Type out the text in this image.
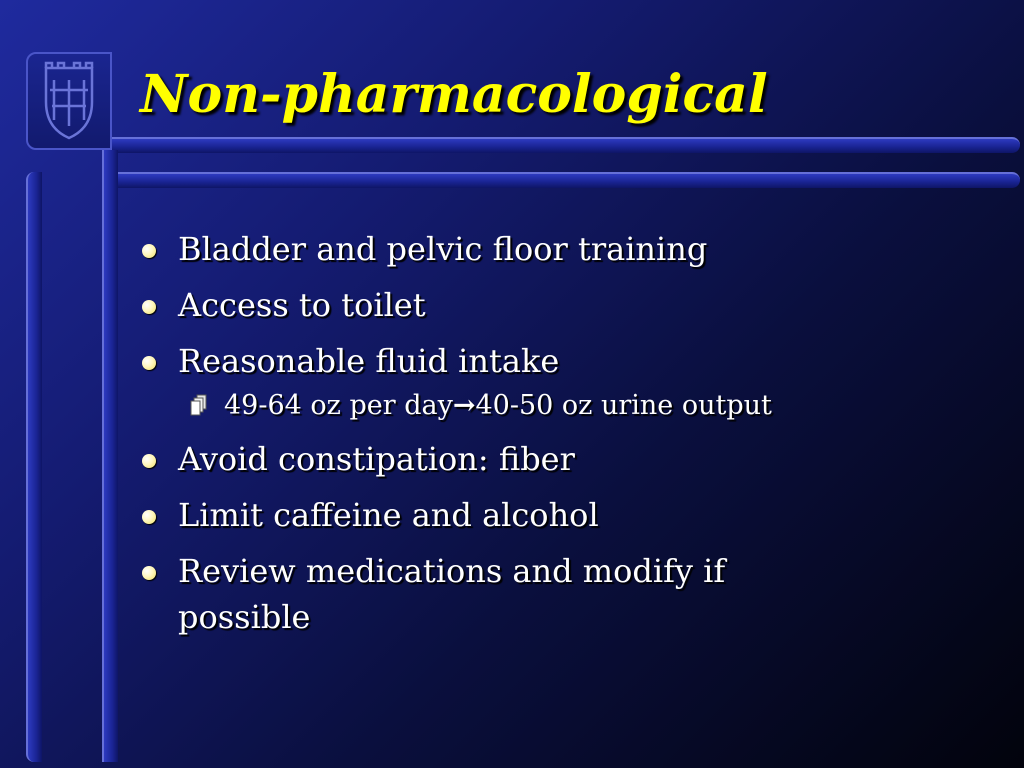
Non-pharmacological
Bladder and pelvic floor training
Access to toilet
Reasonable fluid intake
49-64 oz per day→40-50 oz urine output
Avoid constipation: fiber
Limit caffeine and alcohol
Review medications and modify if possible
